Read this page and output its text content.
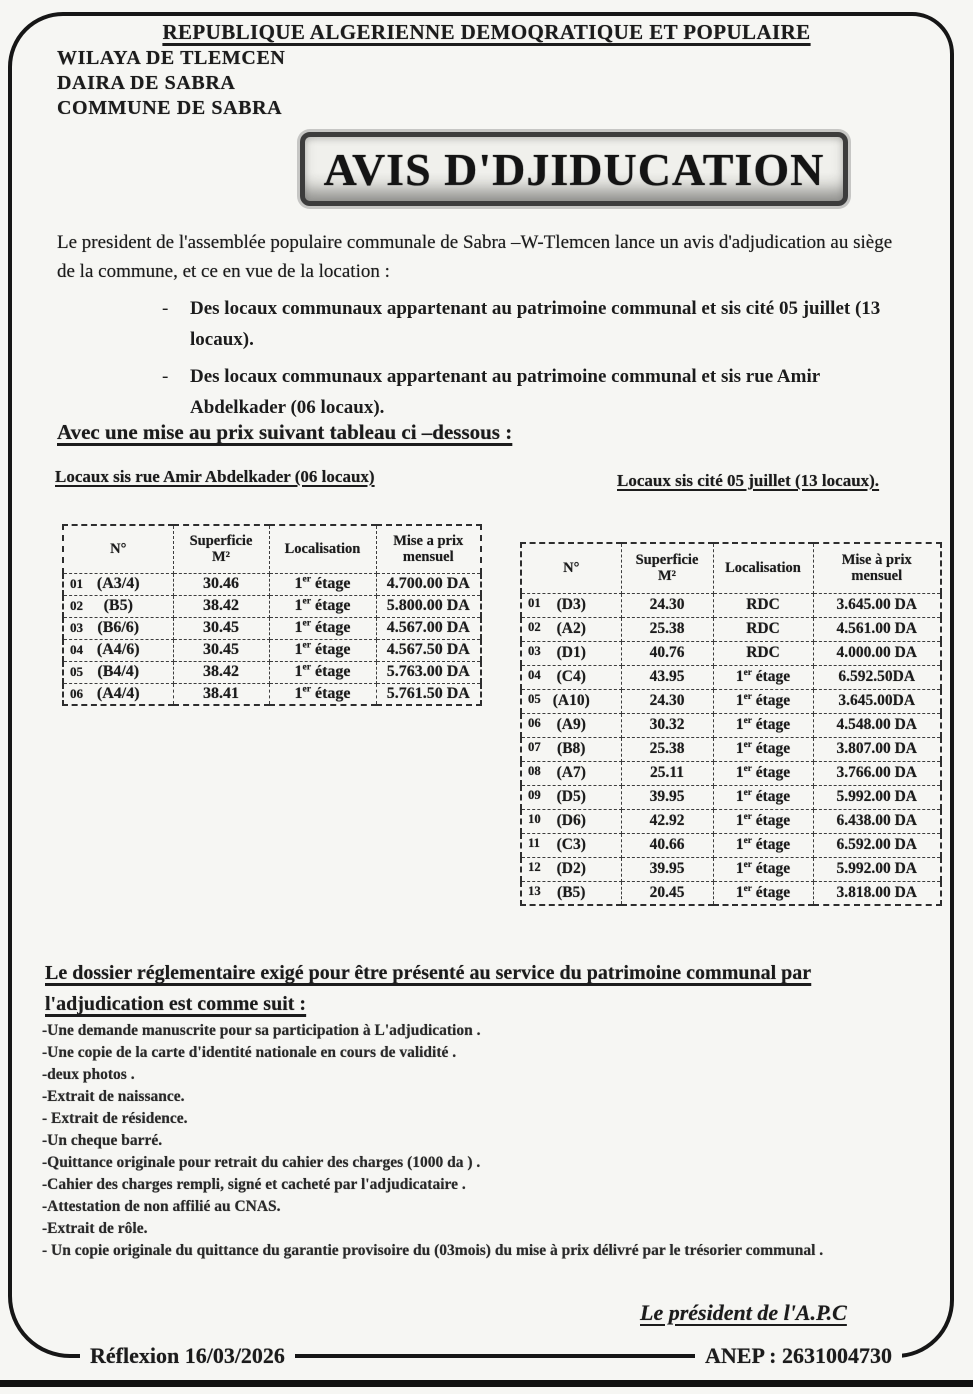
REPUBLIQUE ALGERIENNE DEMOQRATIQUE ET POPULAIRE
WILAYA DE TLEMCEN
DAIRA DE SABRA
COMMUNE DE SABRA
AVIS D'DJIDUCATION
Le president de l'assemblée populaire communale de Sabra –W-Tlemcen lance un avis d'adjudication au siège de la commune, et ce en vue de la location :
- Des locaux communaux appartenant au patrimoine communal et sis cité 05 juillet (13 locaux).
- Des locaux communaux appartenant au patrimoine communal et sis rue Amir Abdelkader (06 locaux).
Avec une mise au prix suivant tableau ci –dessous :
Locaux sis rue Amir Abdelkader (06 locaux)	Locaux sis cité 05 juillet (13 locaux).
N°	Superficie
M²	Localisation	Mise a prix
mensuel

01 (A3/4)	30.46	1er étage	4.700.00 DA

02 (B5)	38.42	1er étage	5.800.00 DA

03 (B6/6)	30.45	1er étage	4.567.00 DA

04 (A4/6)	30.45	1er étage	4.567.50 DA

05 (B4/4)	38.42	1er étage	5.763.00 DA

06 (A4/4)	38.41	1er étage	5.761.50 DA
N°	Superficie
M²	Localisation	Mise à prix
mensuel

01 (D3)	24.30	RDC	3.645.00 DA

02 (A2)	25.38	RDC	4.561.00 DA

03 (D1)	40.76	RDC	4.000.00 DA

04 (C4)	43.95	1er étage	6.592.50DA

05 (A10)	24.30	1er étage	3.645.00DA

06 (A9)	30.32	1er étage	4.548.00 DA

07 (B8)	25.38	1er étage	3.807.00 DA

08 (A7)	25.11	1er étage	3.766.00 DA

09 (D5)	39.95	1er étage	5.992.00 DA

10 (D6)	42.92	1er étage	6.438.00 DA

11 (C3)	40.66	1er étage	6.592.00 DA

12 (D2)	39.95	1er étage	5.992.00 DA

13 (B5)	20.45	1er étage	3.818.00 DA
Le dossier réglementaire exigé pour être présenté au service du patrimoine communal parl'adjudication est comme suit :
-Une demande manuscrite pour sa participation à L'adjudication .
-Une copie de la carte d'identité nationale en cours de validité .
-deux photos .
-Extrait de naissance.
- Extrait de résidence.
-Un cheque barré.
-Quittance originale pour retrait du cahier des charges (1000 da ) .
-Cahier des charges rempli, signé et cacheté par l'adjudicataire .
-Attestation de non affilié au CNAS.
-Extrait de rôle.
- Un copie originale du quittance du garantie provisoire du (03mois) du mise à prix délivré par le trésorier communal .
Le président de l'A.P.C
Réflexion 16/03/2026	ANEP : 2631004730
